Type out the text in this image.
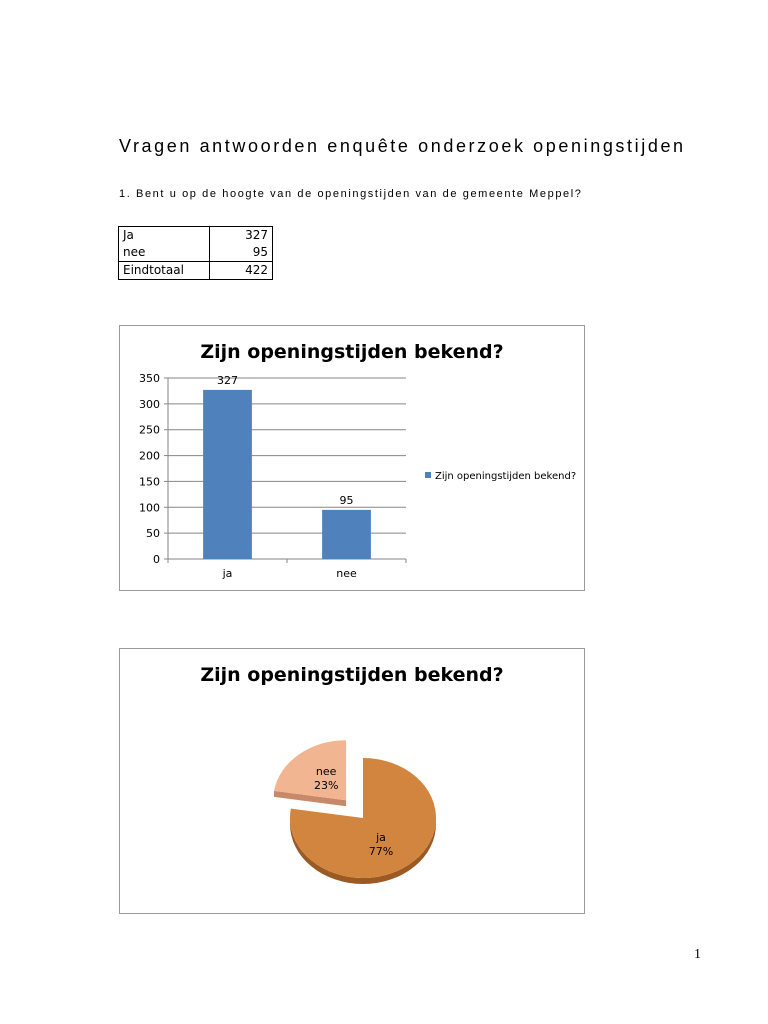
Vragen antwoorden enquête onderzoek openingstijden
1. Bent u op de hoogte van de openingstijden van de gemeente Meppel?
Ja	327
nee	95
Eindtotaal	422
Zijn openingstijden bekend?
0
50
100
150
200
250
300
350	327
ja
95
nee
Zijn openingstijden bekend?
Zijn openingstijden bekend?
ja
77%
nee
23%
1
